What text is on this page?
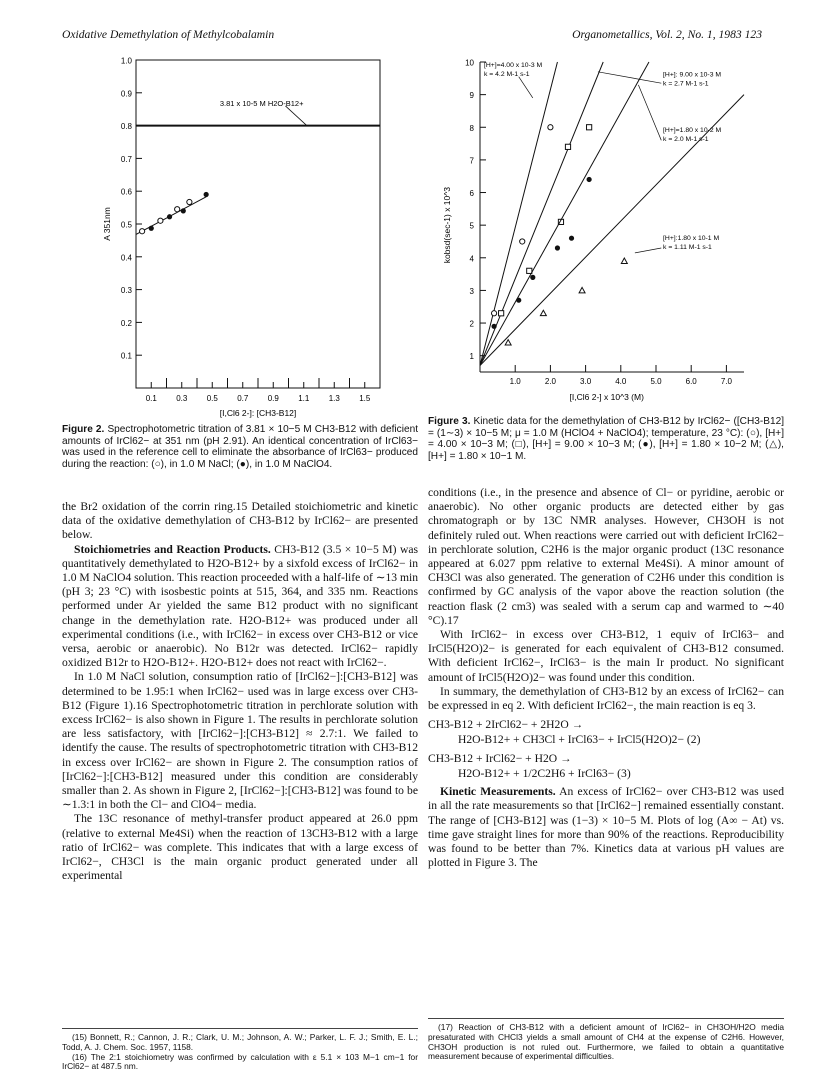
Oxidative Demethylation of Methylcobalamin	Organometallics, Vol. 2, No. 1, 1983 123
0.1
0.2
0.3
0.4
0.5
0.6
0.7
0.8
0.9
1.0
0.1 0.3 0.5 0.7 0.9 1.1 1.3 1.5
[I,Cl6 2-]: [CH3-B12]
A 351nm
3.81 x 10-5 M H2O-B12+
Figure 2. Spectrophotometric titration of 3.81 × 10−5 M CH3-B12 with deficient amounts of IrCl62− at 351 nm (pH 2.91). An identical concentration of IrCl63− was used in the reference cell to eliminate the absorbance of IrCl63− produced during the reaction: (○), in 1.0 M NaCl; (●), in 1.0 M NaClO4.

the Br2 oxidation of the corrin ring.15 Detailed stoichiometric and kinetic data of the oxidative demethylation of CH3-B12 by IrCl62− are presented below.

Stoichiometries and Reaction Products. CH3-B12 (3.5 × 10−5 M) was quantitatively demethylated to H2O-B12+ by a sixfold excess of IrCl62− in 1.0 M NaClO4 solution. This reaction proceeded with a half-life of ∼13 min (pH 3; 23 °C) with isosbestic points at 515, 364, and 335 nm. Reactions performed under Ar yielded the same B12 product with no significant change in the demethylation rate. H2O-B12+ was produced under all experimental conditions (i.e., with IrCl62− in excess over CH3-B12 or vice versa, aerobic or anaerobic). No B12r was detected. IrCl62− rapidly oxidized B12r to H2O-B12+. H2O-B12+ does not react with IrCl62−.

In 1.0 M NaCl solution, consumption ratio of [IrCl62−]:[CH3-B12] was determined to be 1.95:1 when IrCl62− used was in large excess over CH3-B12 (Figure 1).16 Spectrophotometric titration in perchlorate solution with excess IrCl62− is also shown in Figure 1. The results in perchlorate solution are less satisfactory, with [IrCl62−]:[CH3-B12] ≈ 2.7:1. We failed to identify the cause. The results of spectrophotometric titration with CH3-B12 in excess over IrCl62− are shown in Figure 2. The consumption ratios of [IrCl62−]:[CH3-B12] measured under this condition are considerably smaller than 2. As shown in Figure 2, [IrCl62−]:[CH3-B12] was found to be ∼1.3:1 in both the Cl− and ClO4− media.

The 13C resonance of methyl-transfer product appeared at 26.0 ppm (relative to external Me4Si) when the reaction of 13CH3-B12 with a large ratio of IrCl62− was complete. This indicates that with a large excess of IrCl62−, CH3Cl is the main organic product generated under all experimental

(15) Bonnett, R.; Cannon, J. R.; Clark, U. M.; Johnson, A. W.; Parker, L. F. J.; Smith, E. L.; Todd, A. J. Chem. Soc. 1957, 1158.

(16) The 2:1 stoichiometry was confirmed by calculation with ε 5.1 × 103 M−1 cm−1 for IrCl62− at 487.5 nm.

1
2
3
4
5
6
7
8
9
10
1.0	2.0	3.0	4.0	5.0	6.0	7.0
[I,Cl6 2-] x 10^3 (M)
kobsd(sec-1) x 10^3
[H+]=4.00 x 10-3 M
k = 4.2 M-1 s-1	[H+]: 9.00 x 10-3 M
k = 2.7 M-1 s-1
[H+]=1.80 x 10-2 M
k = 2.0 M-1 s-1
[H+]:1.80 x 10-1 M
k = 1.11 M-1 s-1
Figure 3. Kinetic data for the demethylation of CH3-B12 by IrCl62− ([CH3-B12] = (1∼3) × 10−5 M; μ = 1.0 M (HClO4 + NaClO4); temperature, 23 °C): (○), [H+] = 4.00 × 10−3 M; (□), [H+] = 9.00 × 10−3 M; (●), [H+] = 1.80 × 10−2 M; (△), [H+] = 1.80 × 10−1 M.

conditions (i.e., in the presence and absence of Cl− or pyridine, aerobic or anaerobic). No other organic products are detected either by gas chromatograph or by 13C NMR analyses. However, CH3OH is not definitely ruled out. When reactions were carried out with deficient IrCl62− in perchlorate solution, C2H6 is the major organic product (13C resonance appeared at 6.027 ppm relative to external Me4Si). A minor amount of CH3Cl was also generated. The generation of C2H6 under this condition is confirmed by GC analysis of the vapor above the reaction solution (the reaction flask (2 cm3) was sealed with a serum cap and warmed to ∼40 °C).17

With IrCl62− in excess over CH3-B12, 1 equiv of IrCl63− and IrCl5(H2O)2− is generated for each equivalent of CH3-B12 consumed. With deficient IrCl62−, IrCl63− is the main Ir product. No significant amount of IrCl5(H2O)2− was found under this condition.

In summary, the demethylation of CH3-B12 by an excess of IrCl62− can be expressed in eq 2. With deficient IrCl62−, the main reaction is eq 3.

CH3-B12 + 2IrCl62− + 2H2O →
H2O-B12+ + CH3Cl + IrCl63− + IrCl5(H2O)2− (2)
CH3-B12 + IrCl62− + H2O →
H2O-B12+ + 1/2C2H6 + IrCl63− (3)

Kinetic Measurements. An excess of IrCl62− over CH3-B12 was used in all the rate measurements so that [IrCl62−] remained essentially constant. The range of [CH3-B12] was (1−3) × 10−5 M. Plots of log (A∞ − At) vs. time gave straight lines for more than 90% of the reactions. Reproducibility was found to be better than 7%. Kinetics data at various pH values are plotted in Figure 3. The

(17) Reaction of CH3-B12 with a deficient amount of IrCl62− in CH3OH/H2O media presaturated with CHCl3 yields a small amount of CH4 at the expense of C2H6. However, CH3OH production is not ruled out. Furthermore, we failed to obtain a quantitative measurement because of experimental difficulties.
